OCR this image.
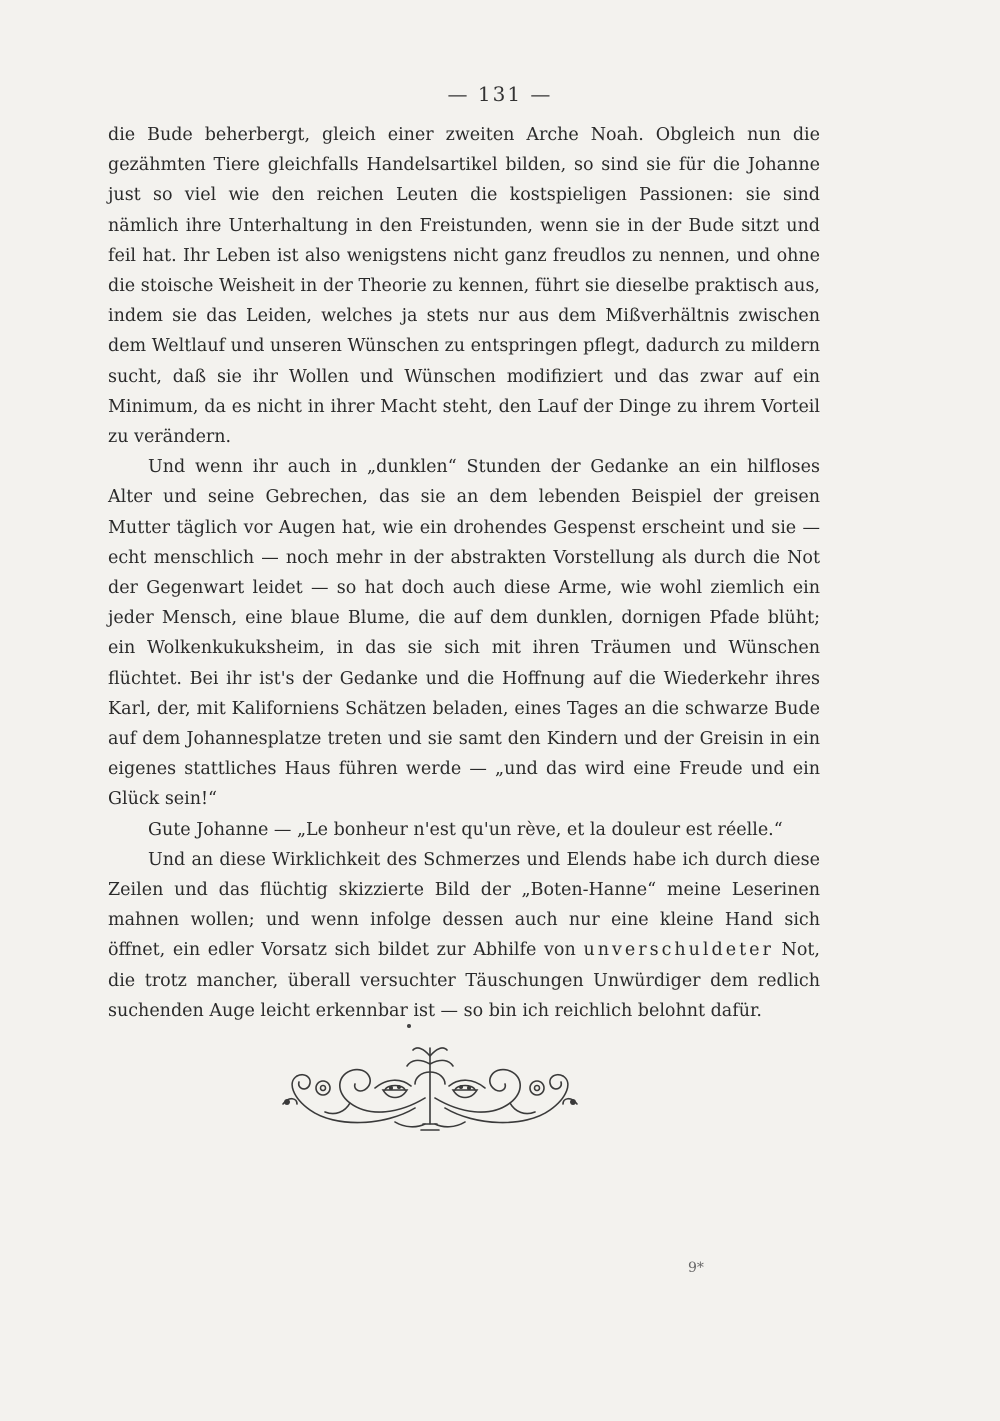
— 131 —

die Bude beherbergt, gleich einer zweiten Arche Noah. Obgleich nun die gezähmten Tiere gleichfalls Handelsartikel bilden, so sind sie für die Johanne just so viel wie den reichen Leuten die kostspieligen Passionen: sie sind nämlich ihre Unterhaltung in den Freistunden, wenn sie in der Bude sitzt und feil hat. Ihr Leben ist also wenigstens nicht ganz freudlos zu nennen, und ohne die stoische Weisheit in der Theorie zu kennen, führt sie dieselbe praktisch aus, indem sie das Leiden, welches ja stets nur aus dem Mißverhältnis zwischen dem Weltlauf und unseren Wünschen zu entspringen pflegt, dadurch zu mildern sucht, daß sie ihr Wollen und Wünschen modifiziert und das zwar auf ein Minimum, da es nicht in ihrer Macht steht, den Lauf der Dinge zu ihrem Vorteil zu verändern.

Und wenn ihr auch in „dunklen“ Stunden der Gedanke an ein hilfloses Alter und seine Gebrechen, das sie an dem lebenden Beispiel der greisen Mutter täglich vor Augen hat, wie ein drohendes Gespenst erscheint und sie — echt menschlich — noch mehr in der abstrakten Vorstellung als durch die Not der Gegenwart leidet — so hat doch auch diese Arme, wie wohl ziemlich ein jeder Mensch, eine blaue Blume, die auf dem dunklen, dornigen Pfade blüht; ein Wolkenkukuksheim, in das sie sich mit ihren Träumen und Wünschen flüchtet. Bei ihr ist's der Gedanke und die Hoffnung auf die Wiederkehr ihres Karl, der, mit Kaliforniens Schätzen beladen, eines Tages an die schwarze Bude auf dem Johannesplatze treten und sie samt den Kindern und der Greisin in ein eigenes stattliches Haus führen werde — „und das wird eine Freude und ein Glück sein!“

Gute Johanne — „Le bonheur n'est qu'un rève, et la douleur est réelle.“

Und an diese Wirklichkeit des Schmerzes und Elends habe ich durch diese Zeilen und das flüchtig skizzierte Bild der „Boten-Hanne“ meine Leserinen mahnen wollen; und wenn infolge dessen auch nur eine kleine Hand sich öffnet, ein edler Vorsatz sich bildet zur Abhilfe von unverschuldeter Not, die trotz mancher, überall versuchter Täuschungen Unwürdiger dem redlich suchenden Auge leicht erkennbar ist — so bin ich reichlich belohnt dafür.

9*
